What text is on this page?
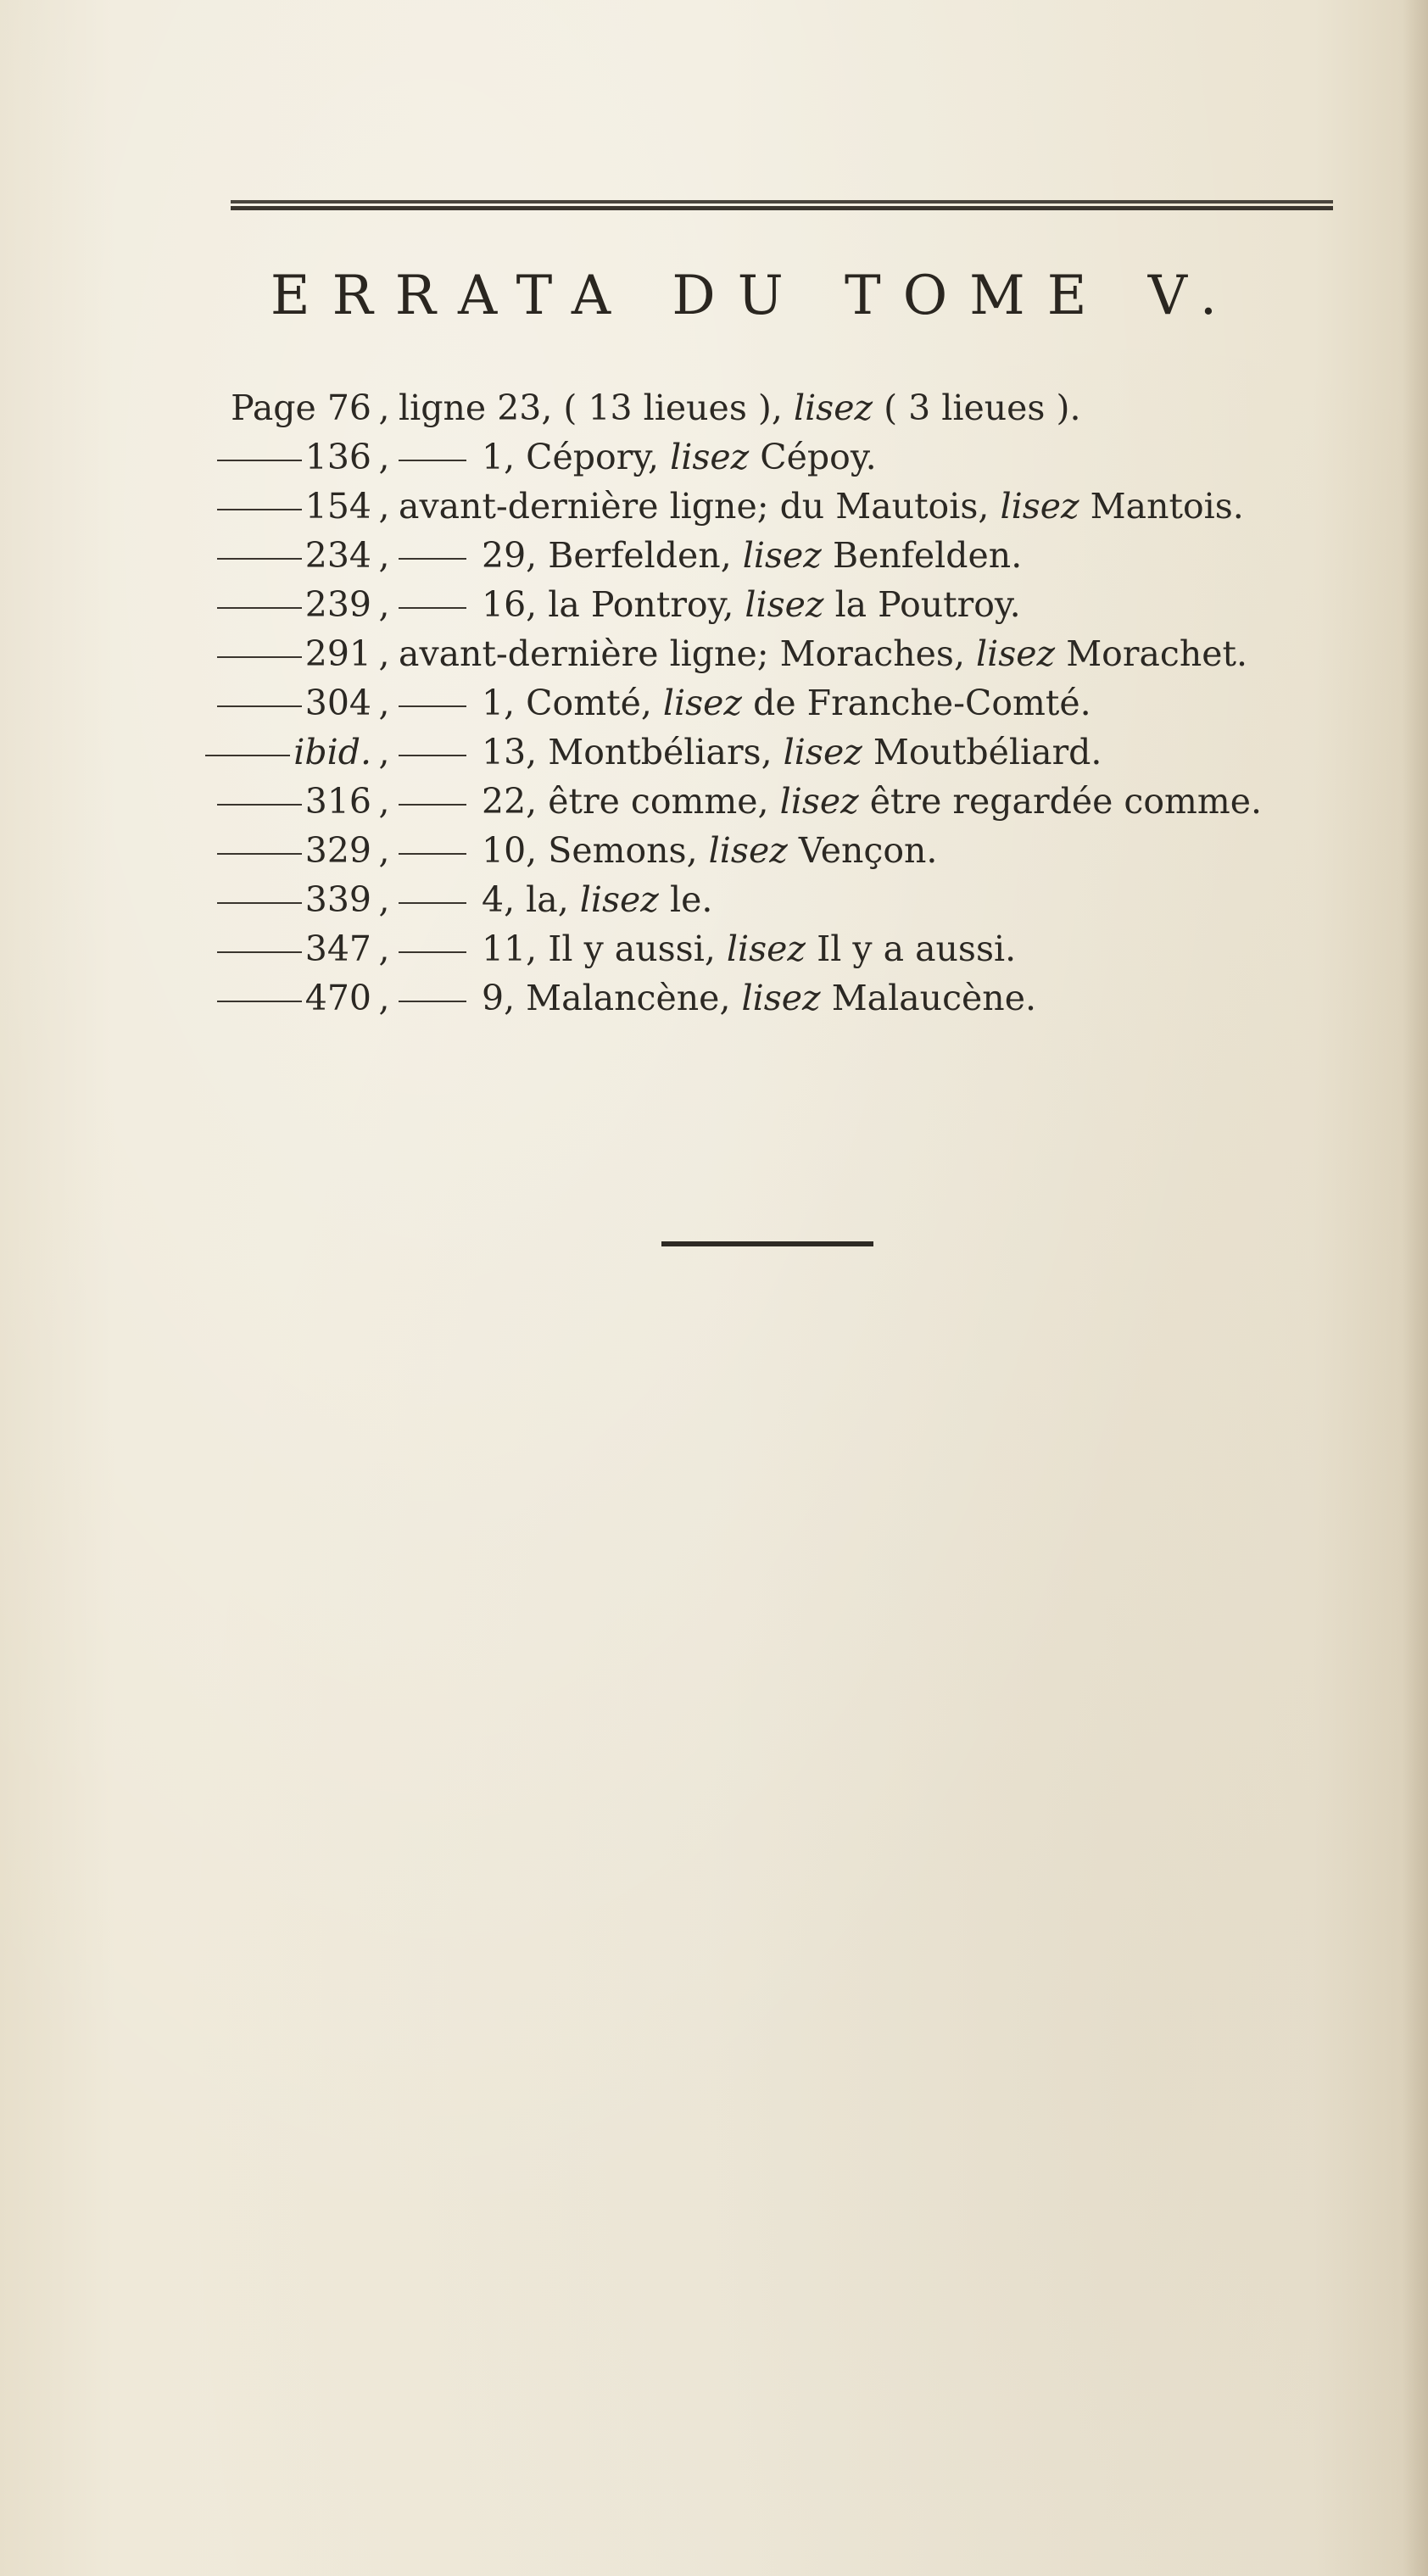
ERRATA DU TOME V.
Page 76 , ligne 23, ( 13 lieues ), lisez ( 3 lieues ).
136 ,	1, Cépory, lisez Cépoy.
154 , avant-dernière ligne; du Mautois, lisez Mantois.
234 ,	29, Berfelden, lisez Benfelden.
239 ,	16, la Pontroy, lisez la Poutroy.
291 , avant-dernière ligne; Moraches, lisez Morachet.
304 ,	1, Comté, lisez de Franche-Comté.
ibid. ,	13, Montbéliars, lisez Moutbéliard.
316 ,	22, être comme, lisez être regardée comme.
329 ,	10, Semons, lisez Vençon.
339 ,	4, la, lisez le.
347 ,	11, Il y aussi, lisez Il y a aussi.
470 ,	9, Malancène, lisez Malaucène.
